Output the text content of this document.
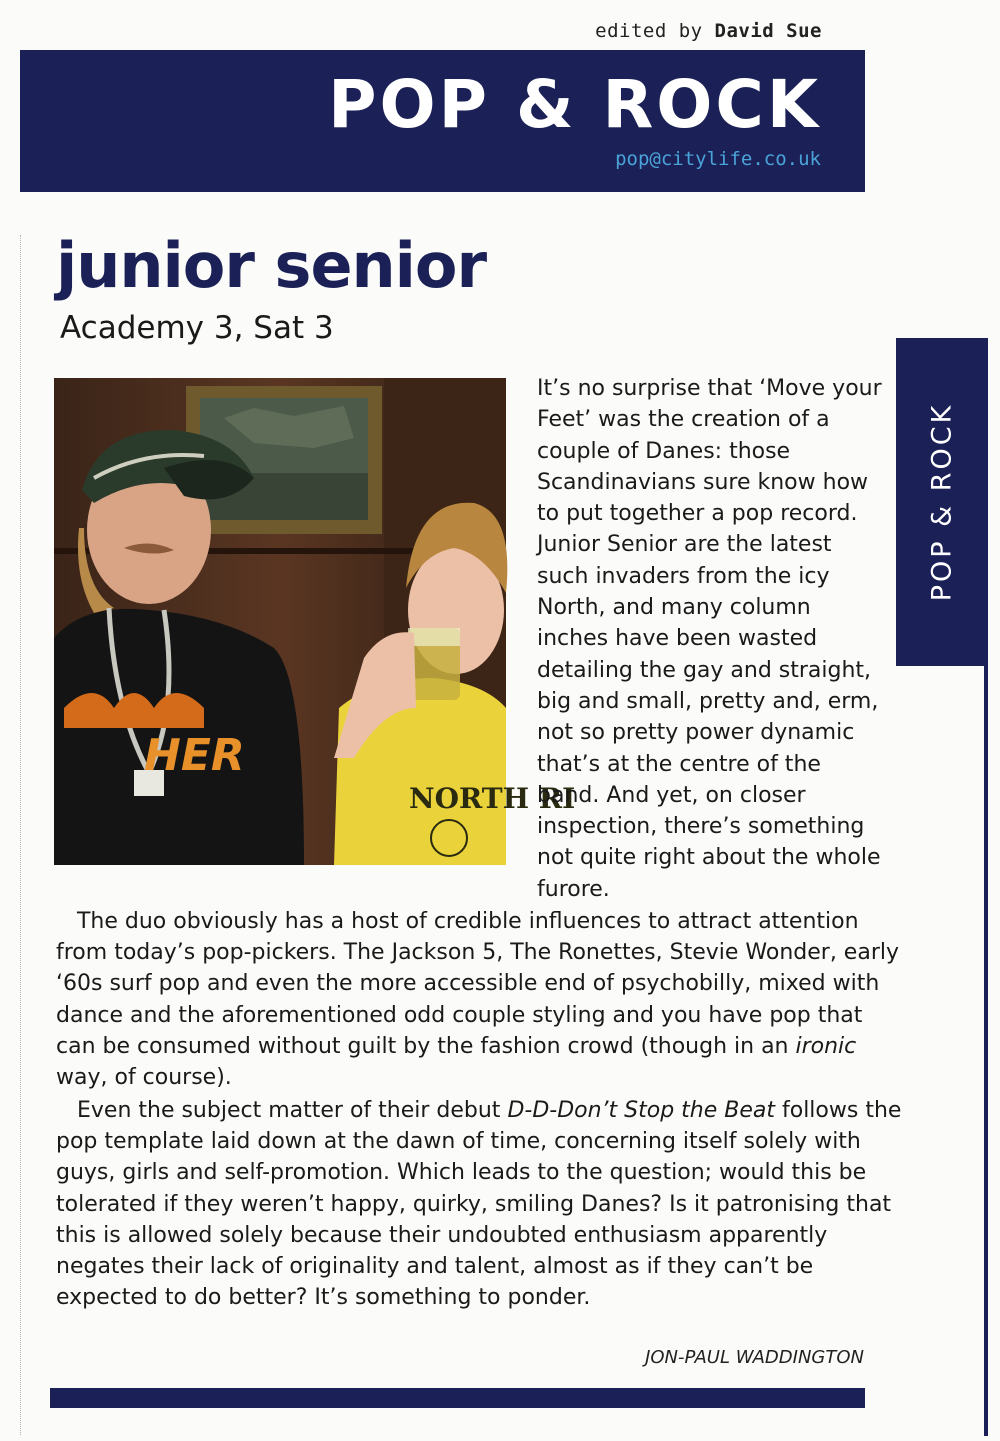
edited by David Sue
POP & ROCK
pop@citylife.co.uk
POP & ROCK
junior senior
Academy 3, Sat 3
HER
NORTH RI
It’s no surprise that ‘Move your
Feet’ was the creation of a
couple of Danes: those
Scandinavians sure know how
to put together a pop record.
Junior Senior are the latest
such invaders from the icy
North, and many column
inches have been wasted
detailing the gay and straight,
big and small, pretty and, erm,
not so pretty power dynamic
that’s at the centre of the
band. And yet, on closer
inspection, there’s something
not quite right about the whole
furore.
The duo obviously has a host of credible influences to attract attention
from today’s pop-pickers. The Jackson 5, The Ronettes, Stevie Wonder, early
‘60s surf pop and even the more accessible end of psychobilly, mixed with
dance and the aforementioned odd couple styling and you have pop that
can be consumed without guilt by the fashion crowd (though in an ironic
way, of course).
Even the subject matter of their debut D-D-Don’t Stop the Beat follows the
pop template laid down at the dawn of time, concerning itself solely with
guys, girls and self-promotion. Which leads to the question; would this be
tolerated if they weren’t happy, quirky, smiling Danes? Is it patronising that
this is allowed solely because their undoubted enthusiasm apparently
negates their lack of originality and talent, almost as if they can’t be
expected to do better? It’s something to ponder.
JON-PAUL WADDINGTON
